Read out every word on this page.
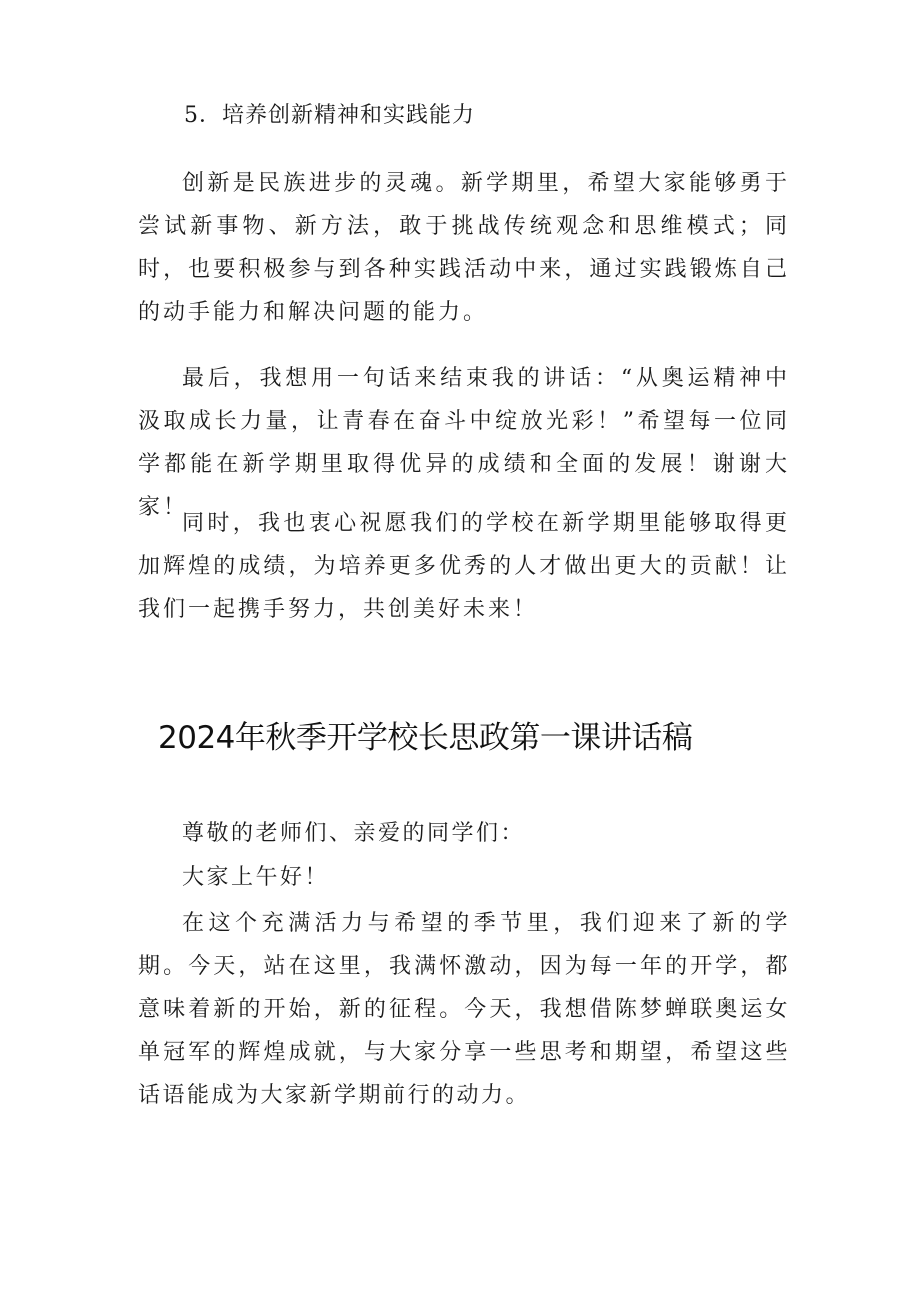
5．培养创新精神和实践能力

创新是民族进步的灵魂。新学期里，希望大家能够勇于尝试新事物、新方法，敢于挑战传统观念和思维模式；同时，也要积极参与到各种实践活动中来，通过实践锻炼自己的动手能力和解决问题的能力。

最后，我想用一句话来结束我的讲话：“从奥运精神中汲取成长力量，让青春在奋斗中绽放光彩！”希望每一位同学都能在新学期里取得优异的成绩和全面的发展！谢谢大家！

同时，我也衷心祝愿我们的学校在新学期里能够取得更加辉煌的成绩，为培养更多优秀的人才做出更大的贡献！让我们一起携手努力，共创美好未来！

2024年秋季开学校长思政第一课讲话稿

尊敬的老师们、亲爱的同学们：

大家上午好！

在这个充满活力与希望的季节里，我们迎来了新的学期。今天，站在这里，我满怀激动，因为每一年的开学，都意味着新的开始，新的征程。今天，我想借陈梦蝉联奥运女单冠军的辉煌成就，与大家分享一些思考和期望，希望这些话语能成为大家新学期前行的动力。
